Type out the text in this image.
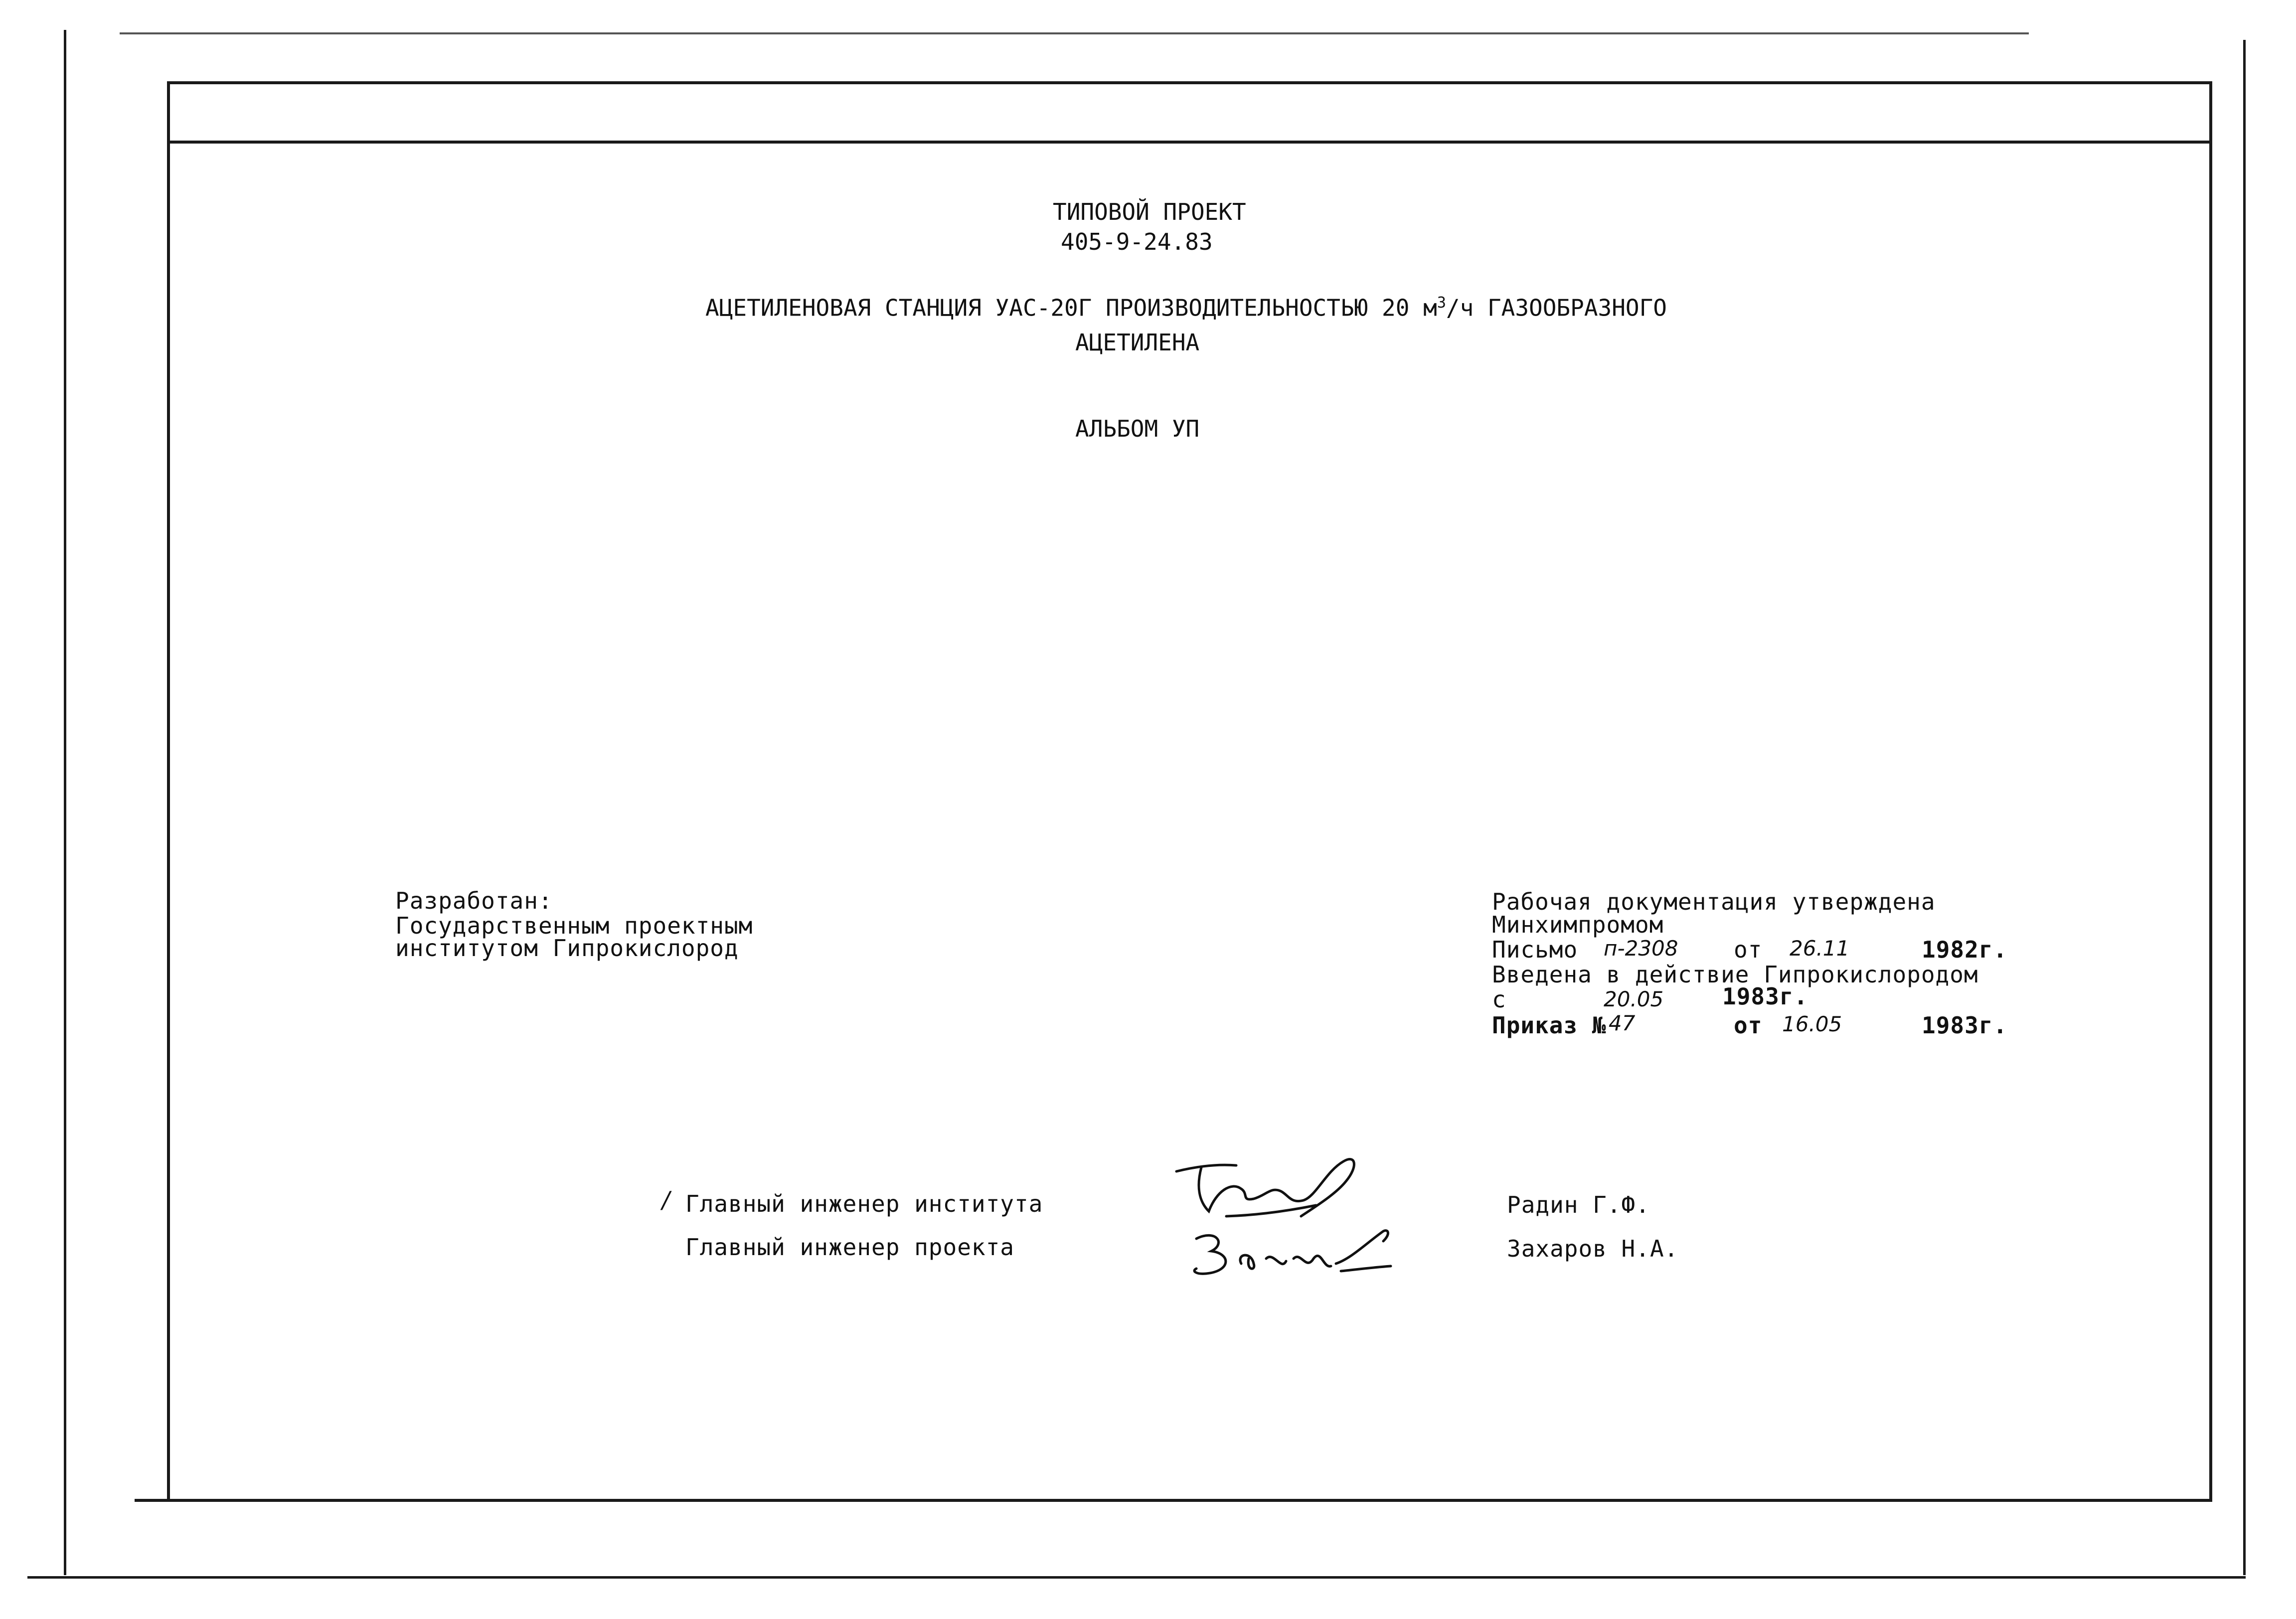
ТИПОВОЙ ПРОЕКТ
405-9-24.83
АЦЕТИЛЕНОВАЯ СТАНЦИЯ УАС-20Г ПРОИЗВОДИТЕЛЬНОСТЬЮ 20 $м^3/ч$ ГАЗООБРАЗНОГО
АЦЕТИЛЕНА
АЛЬБОМ УП
Разработан:
Государственным проектным
институтом Гипрокислород
Рабочая документация утверждена
Минхимпромом
Письмо п-2308 от 26.11	1982г.
Введена в действие Гипрокислородом
с	20.05	1983г.
Приказ № 47	от 16.05	1983г.
/ Главный инженер института
Главный инженер проекта
Радин Г.Ф.
Захаров Н.А.
